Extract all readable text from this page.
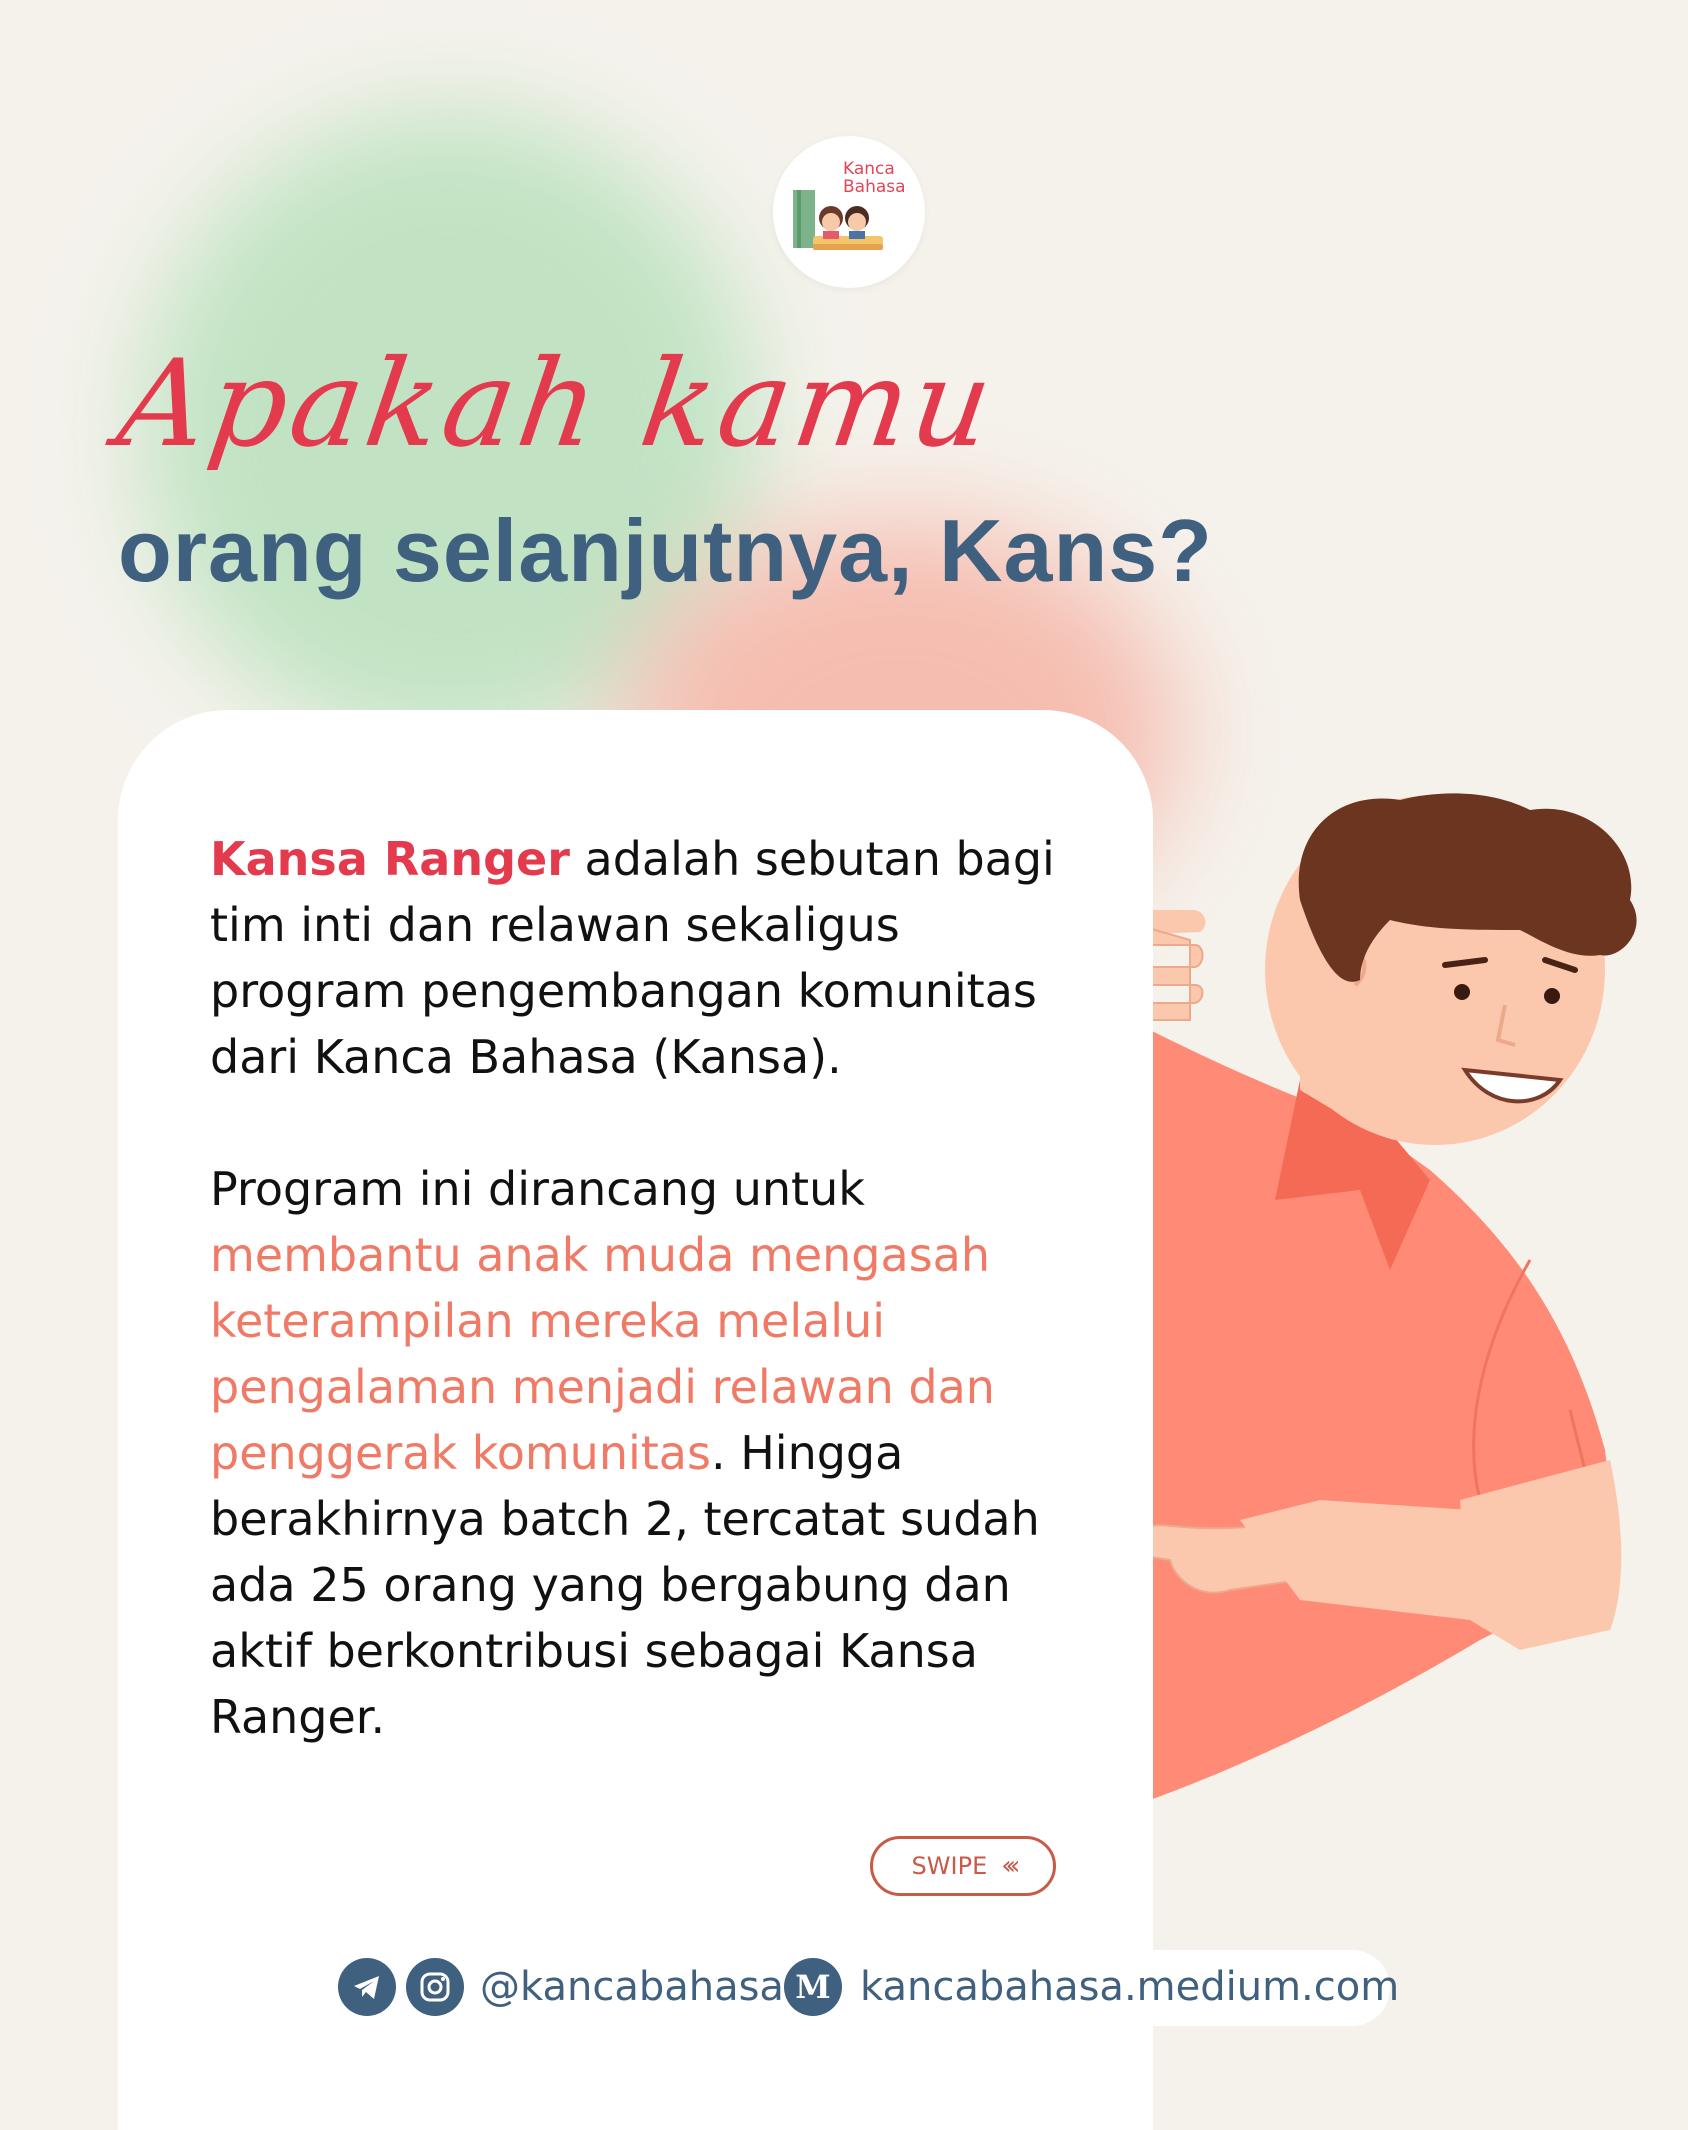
Kanca
Bahasa
Apakah kamu
orang selanjutnya, Kans?

Kansa Ranger adalah sebutan bagi tim inti dan relawan sekaligus program pengembangan komunitas dari Kanca Bahasa (Kansa).

Program ini dirancang untuk membantu anak muda mengasah keterampilan mereka melalui pengalaman menjadi relawan dan penggerak komunitas. Hingga berakhirnya batch 2, tercatat sudah ada 25 orang yang bergabung dan aktif berkontribusi sebagai Kansa Ranger.

SWIPE ‹‹‹
@kancabahasa M kancabahasa.medium.com
